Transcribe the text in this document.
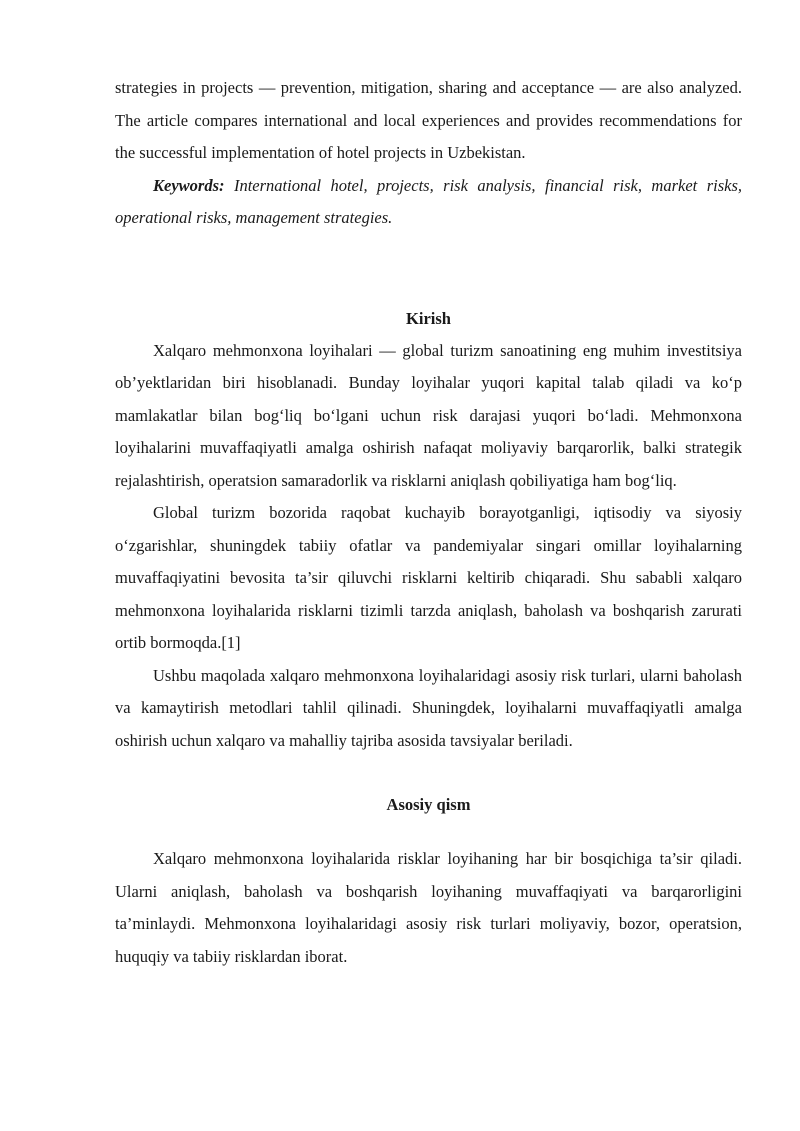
strategies in projects — prevention, mitigation, sharing and acceptance — are also analyzed. The article compares international and local experiences and provides recommendations for the successful implementation of hotel projects in Uzbekistan.

Keywords: International hotel, projects, risk analysis, financial risk, market risks, operational risks, management strategies.

Kirish

Xalqaro mehmonxona loyihalari — global turizm sanoatining eng muhim investitsiya ob’yektlaridan biri hisoblanadi. Bunday loyihalar yuqori kapital talab qiladi va ko‘p mamlakatlar bilan bog‘liq bo‘lgani uchun risk darajasi yuqori bo‘ladi. Mehmonxona loyihalarini muvaffaqiyatli amalga oshirish nafaqat moliyaviy barqarorlik, balki strategik rejalashtirish, operatsion samaradorlik va risklarni aniqlash qobiliyatiga ham bog‘liq.

Global turizm bozorida raqobat kuchayib borayotganligi, iqtisodiy va siyosiy o‘zgarishlar, shuningdek tabiiy ofatlar va pandemiyalar singari omillar loyihalarning muvaffaqiyatini bevosita ta’sir qiluvchi risklarni keltirib chiqaradi. Shu sababli xalqaro mehmonxona loyihalarida risklarni tizimli tarzda aniqlash, baholash va boshqarish zarurati ortib bormoqda.[1]

Ushbu maqolada xalqaro mehmonxona loyihalaridagi asosiy risk turlari, ularni baholash va kamaytirish metodlari tahlil qilinadi. Shuningdek, loyihalarni muvaffaqiyatli amalga oshirish uchun xalqaro va mahalliy tajriba asosida tavsiyalar beriladi.

Asosiy qism

Xalqaro mehmonxona loyihalarida risklar loyihaning har bir bosqichiga ta’sir qiladi. Ularni aniqlash, baholash va boshqarish loyihaning muvaffaqiyati va barqarorligini ta’minlaydi. Mehmonxona loyihalaridagi asosiy risk turlari moliyaviy, bozor, operatsion, huquqiy va tabiiy risklardan iborat.
